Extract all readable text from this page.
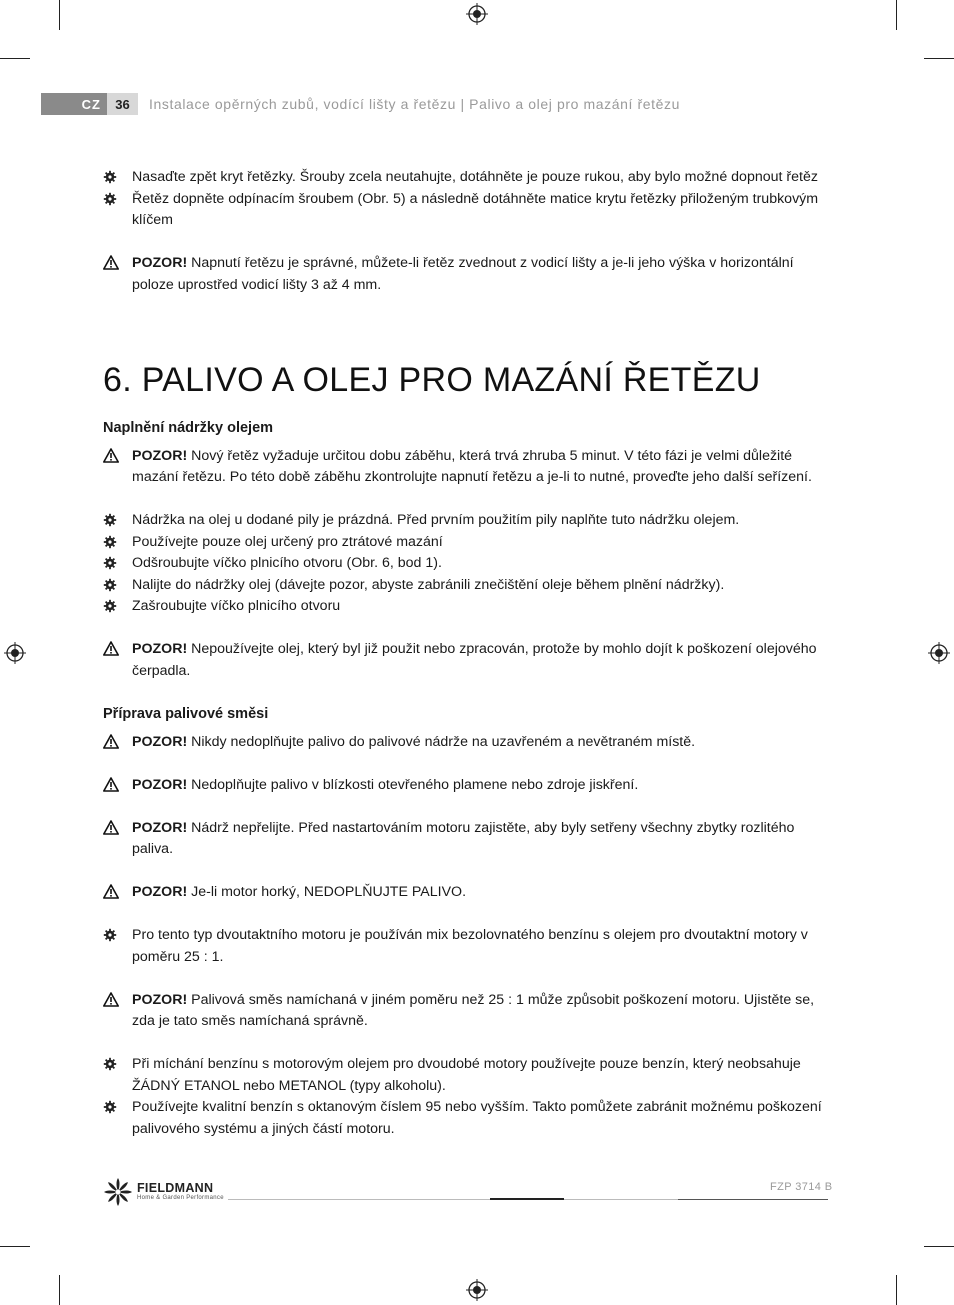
CZ	36	Instalace opěrných zubů, vodící lišty a řetězu | Palivo a olej pro mazání řetězu
Nasaďte zpět kryt řetězky. Šrouby zcela neutahujte, dotáhněte je pouze rukou, aby bylo možné dopnout řetěz
Řetěz dopněte odpínacím šroubem (Obr. 5) a následně dotáhněte matice krytu řetězky přiloženým trubkovým klíčem
POZOR! Napnutí řetězu je správné, můžete-li řetěz zvednout z vodicí lišty a je-li jeho výška v horizontální poloze uprostřed vodicí lišty 3 až 4 mm.
6. PALIVO A OLEJ PRO MAZÁNÍ ŘETĚZU
Naplnění nádržky olejem
POZOR! Nový řetěz vyžaduje určitou dobu záběhu, která trvá zhruba 5 minut. V této fázi je velmi důležité mazání řetězu. Po této době záběhu zkontrolujte napnutí řetězu a je-li to nutné, proveďte jeho další seřízení.
Nádržka na olej u dodané pily je prázdná. Před prvním použitím pily naplňte tuto nádržku olejem.
Používejte pouze olej určený pro ztrátové mazání
Odšroubujte víčko plnicího otvoru (Obr. 6, bod 1).
Nalijte do nádržky olej (dávejte pozor, abyste zabránili znečištění oleje během plnění nádržky).
Zašroubujte víčko plnicího otvoru
POZOR! Nepoužívejte olej, který byl již použit nebo zpracován, protože by mohlo dojít k poškození olejového čerpadla.
Příprava palivové směsi
POZOR! Nikdy nedoplňujte palivo do palivové nádrže na uzavřeném a nevětraném místě.
POZOR! Nedoplňujte palivo v blízkosti otevřeného plamene nebo zdroje jiskření.
POZOR! Nádrž nepřelijte. Před nastartováním motoru zajistěte, aby byly setřeny všechny zbytky rozlitého paliva.
POZOR! Je-li motor horký, NEDOPLŇUJTE PALIVO.
Pro tento typ dvoutaktního motoru je používán mix bezolovnatého benzínu s olejem pro dvoutaktní motory v poměru 25 : 1.
POZOR! Palivová směs namíchaná v jiném poměru než 25 : 1 může způsobit poškození motoru. Ujistěte se, zda je tato směs namíchaná správně.
Při míchání benzínu s motorovým olejem pro dvoudobé motory používejte pouze benzín, který neobsahuje ŽÁDNÝ ETANOL nebo METANOL (typy alkoholu).
Používejte kvalitní benzín s oktanovým číslem 95 nebo vyšším. Takto pomůžete zabránit možnému poškození palivového systému a jiných částí motoru.
FIELDMANN
Home & Garden Performance
FZP 3714 B
